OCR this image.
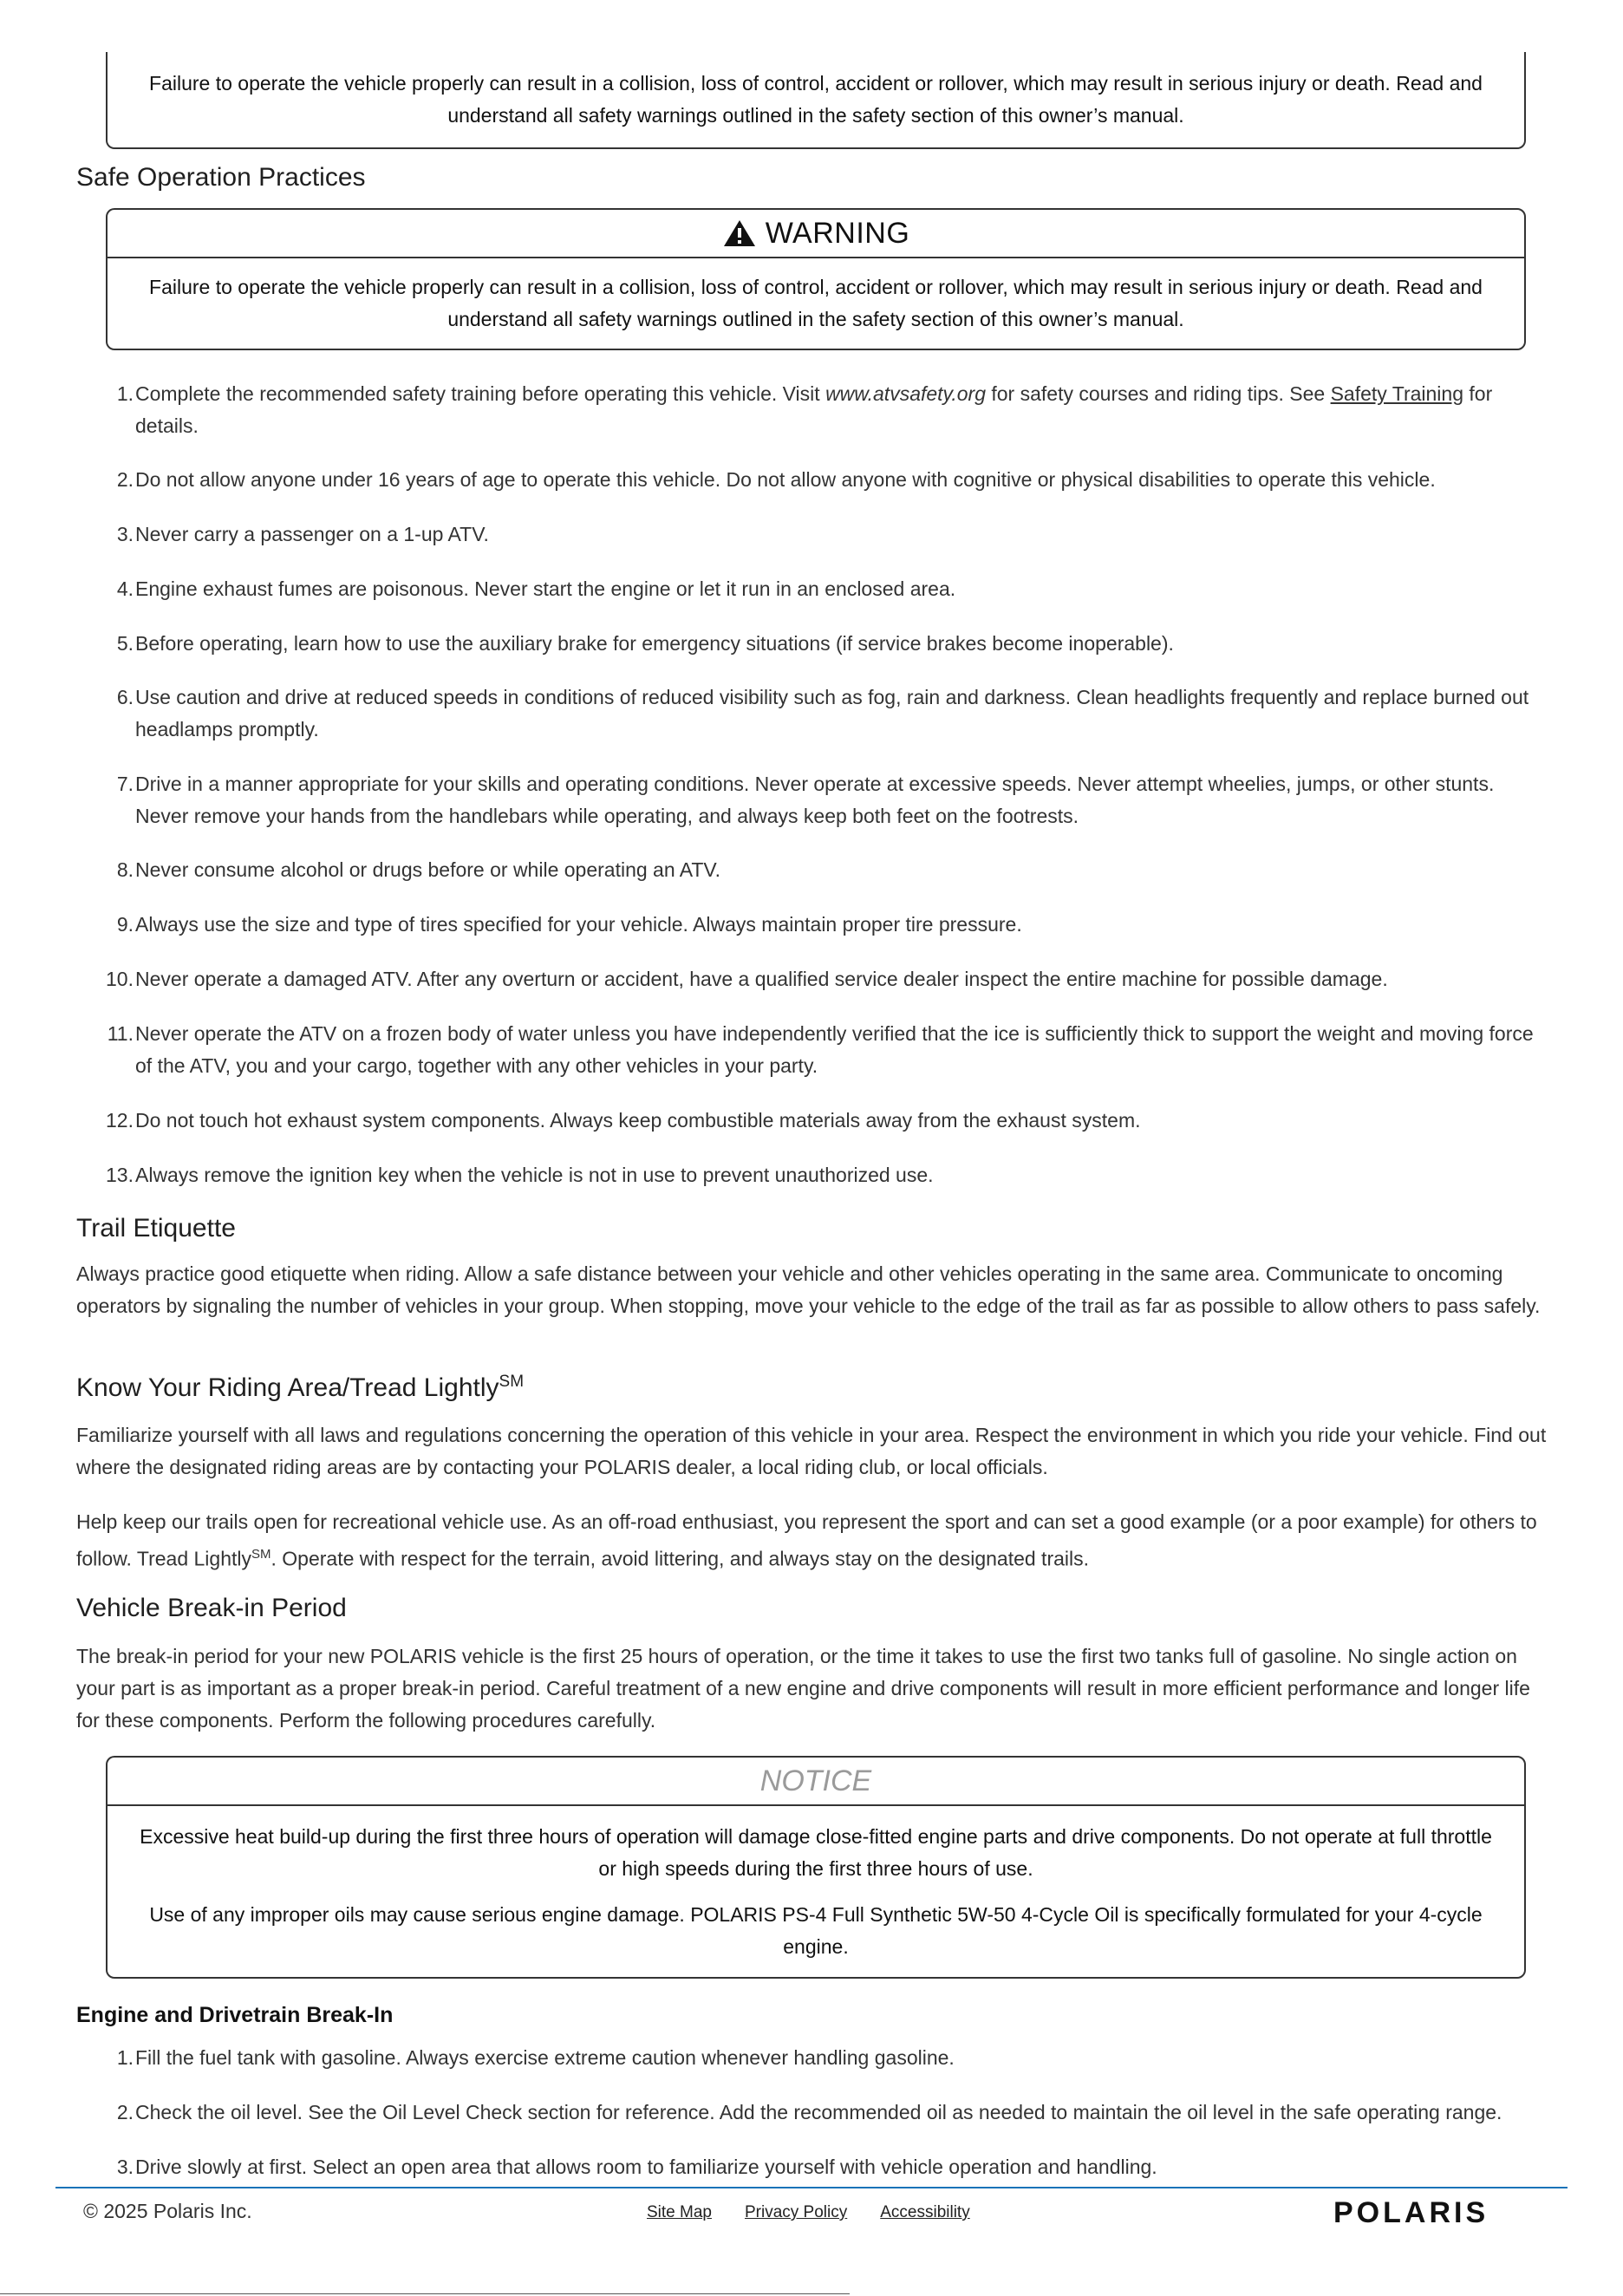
Failure to operate the vehicle properly can result in a collision, loss of control, accident or rollover, which may result in serious injury or death. Read and understand all safety warnings outlined in the safety section of this owner’s manual.
Safe Operation Practices
WARNING
Failure to operate the vehicle properly can result in a collision, loss of control, accident or rollover, which may result in serious injury or death. Read and understand all safety warnings outlined in the safety section of this owner’s manual.
1. Complete the recommended safety training before operating this vehicle. Visit www.atvsafety.org for safety courses and riding tips. See Safety Training for details.
2. Do not allow anyone under 16 years of age to operate this vehicle. Do not allow anyone with cognitive or physical disabilities to operate this vehicle.
3. Never carry a passenger on a 1-up ATV.
4. Engine exhaust fumes are poisonous. Never start the engine or let it run in an enclosed area.
5. Before operating, learn how to use the auxiliary brake for emergency situations (if service brakes become inoperable).
6. Use caution and drive at reduced speeds in conditions of reduced visibility such as fog, rain and darkness. Clean headlights frequently and replace burned out headlamps promptly.
7. Drive in a manner appropriate for your skills and operating conditions. Never operate at excessive speeds. Never attempt wheelies, jumps, or other stunts. Never remove your hands from the handlebars while operating, and always keep both feet on the footrests.
8. Never consume alcohol or drugs before or while operating an ATV.
9. Always use the size and type of tires specified for your vehicle. Always maintain proper tire pressure.
10. Never operate a damaged ATV. After any overturn or accident, have a qualified service dealer inspect the entire machine for possible damage.
11. Never operate the ATV on a frozen body of water unless you have independently verified that the ice is sufficiently thick to support the weight and moving force of the ATV, you and your cargo, together with any other vehicles in your party.
12. Do not touch hot exhaust system components. Always keep combustible materials away from the exhaust system.
13. Always remove the ignition key when the vehicle is not in use to prevent unauthorized use.
Trail Etiquette
Always practice good etiquette when riding. Allow a safe distance between your vehicle and other vehicles operating in the same area. Communicate to oncoming operators by signaling the number of vehicles in your group. When stopping, move your vehicle to the edge of the trail as far as possible to allow others to pass safely.
Know Your Riding Area/Tread Lightly℠
Familiarize yourself with all laws and regulations concerning the operation of this vehicle in your area. Respect the environment in which you ride your vehicle. Find out where the designated riding areas are by contacting your POLARIS dealer, a local riding club, or local officials.
Help keep our trails open for recreational vehicle use. As an off-road enthusiast, you represent the sport and can set a good example (or a poor example) for others to follow. Tread Lightly℠. Operate with respect for the terrain, avoid littering, and always stay on the designated trails.
Vehicle Break-in Period
The break-in period for your new POLARIS vehicle is the first 25 hours of operation, or the time it takes to use the first two tanks full of gasoline. No single action on your part is as important as a proper break-in period. Careful treatment of a new engine and drive components will result in more efficient performance and longer life for these components. Perform the following procedures carefully.
NOTICE
Excessive heat build-up during the first three hours of operation will damage close-fitted engine parts and drive components. Do not operate at full throttle or high speeds during the first three hours of use.
Use of any improper oils may cause serious engine damage. POLARIS PS-4 Full Synthetic 5W-50 4-Cycle Oil is specifically formulated for your 4-cycle engine.
Engine and Drivetrain Break-In
1. Fill the fuel tank with gasoline. Always exercise extreme caution whenever handling gasoline.
2. Check the oil level. See the Oil Level Check section for reference. Add the recommended oil as needed to maintain the oil level in the safe operating range.
3. Drive slowly at first. Select an open area that allows room to familiarize yourself with vehicle operation and handling.
© 2025 Polaris Inc.	Site Map Privacy Policy Accessibility	POLARIS
